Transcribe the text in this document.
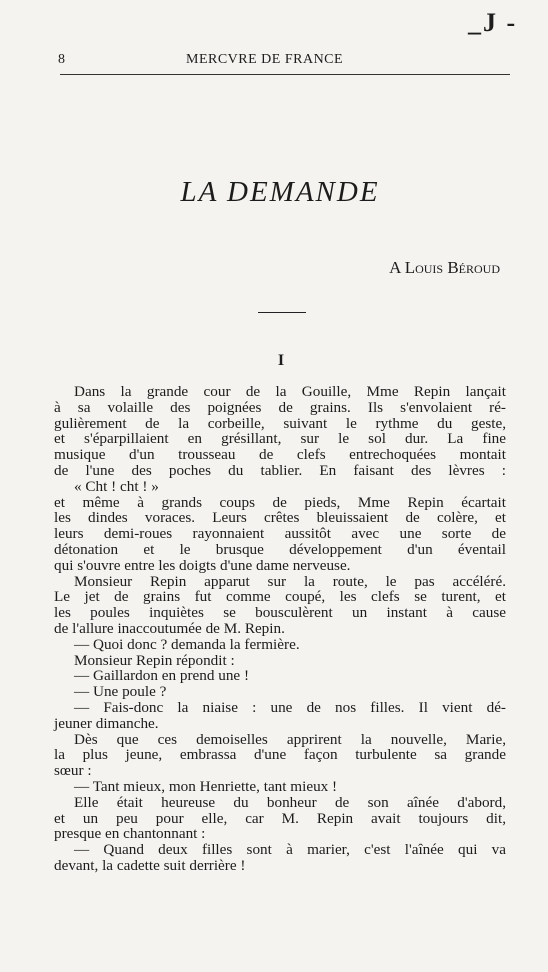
_J -
8	MERCVRE DE FRANCE
LA DEMANDE
A Louis Béroud
I
Dans la grande cour de la Gouille, Mme Repin lançait
à sa volaille des poignées de grains. Ils s'envolaient ré-
gulièrement de la corbeille, suivant le rythme du geste,
et s'éparpillaient en grésillant, sur le sol dur. La fine
musique d'un trousseau de clefs entrechoquées montait
de l'une des poches du tablier. En faisant des lèvres :
« Cht ! cht ! »
et même à grands coups de pieds, Mme Repin écartait
les dindes voraces. Leurs crêtes bleuissaient de colère, et
leurs demi-roues rayonnaient aussitôt avec une sorte de
détonation et le brusque développement d'un éventail
qui s'ouvre entre les doigts d'une dame nerveuse.
Monsieur Repin apparut sur la route, le pas accéléré.
Le jet de grains fut comme coupé, les clefs se turent, et
les poules inquiètes se bousculèrent un instant à cause
de l'allure inaccoutumée de M. Repin.
— Quoi donc ? demanda la fermière.
Monsieur Repin répondit :
— Gaillardon en prend une !
— Une poule ?
— Fais-donc la niaise : une de nos filles. Il vient dé-
jeuner dimanche.
Dès que ces demoiselles apprirent la nouvelle, Marie,
la plus jeune, embrassa d'une façon turbulente sa grande
sœur :
— Tant mieux, mon Henriette, tant mieux !
Elle était heureuse du bonheur de son aînée d'abord,
et un peu pour elle, car M. Repin avait toujours dit,
presque en chantonnant :
— Quand deux filles sont à marier, c'est l'aînée qui va
devant, la cadette suit derrière !
